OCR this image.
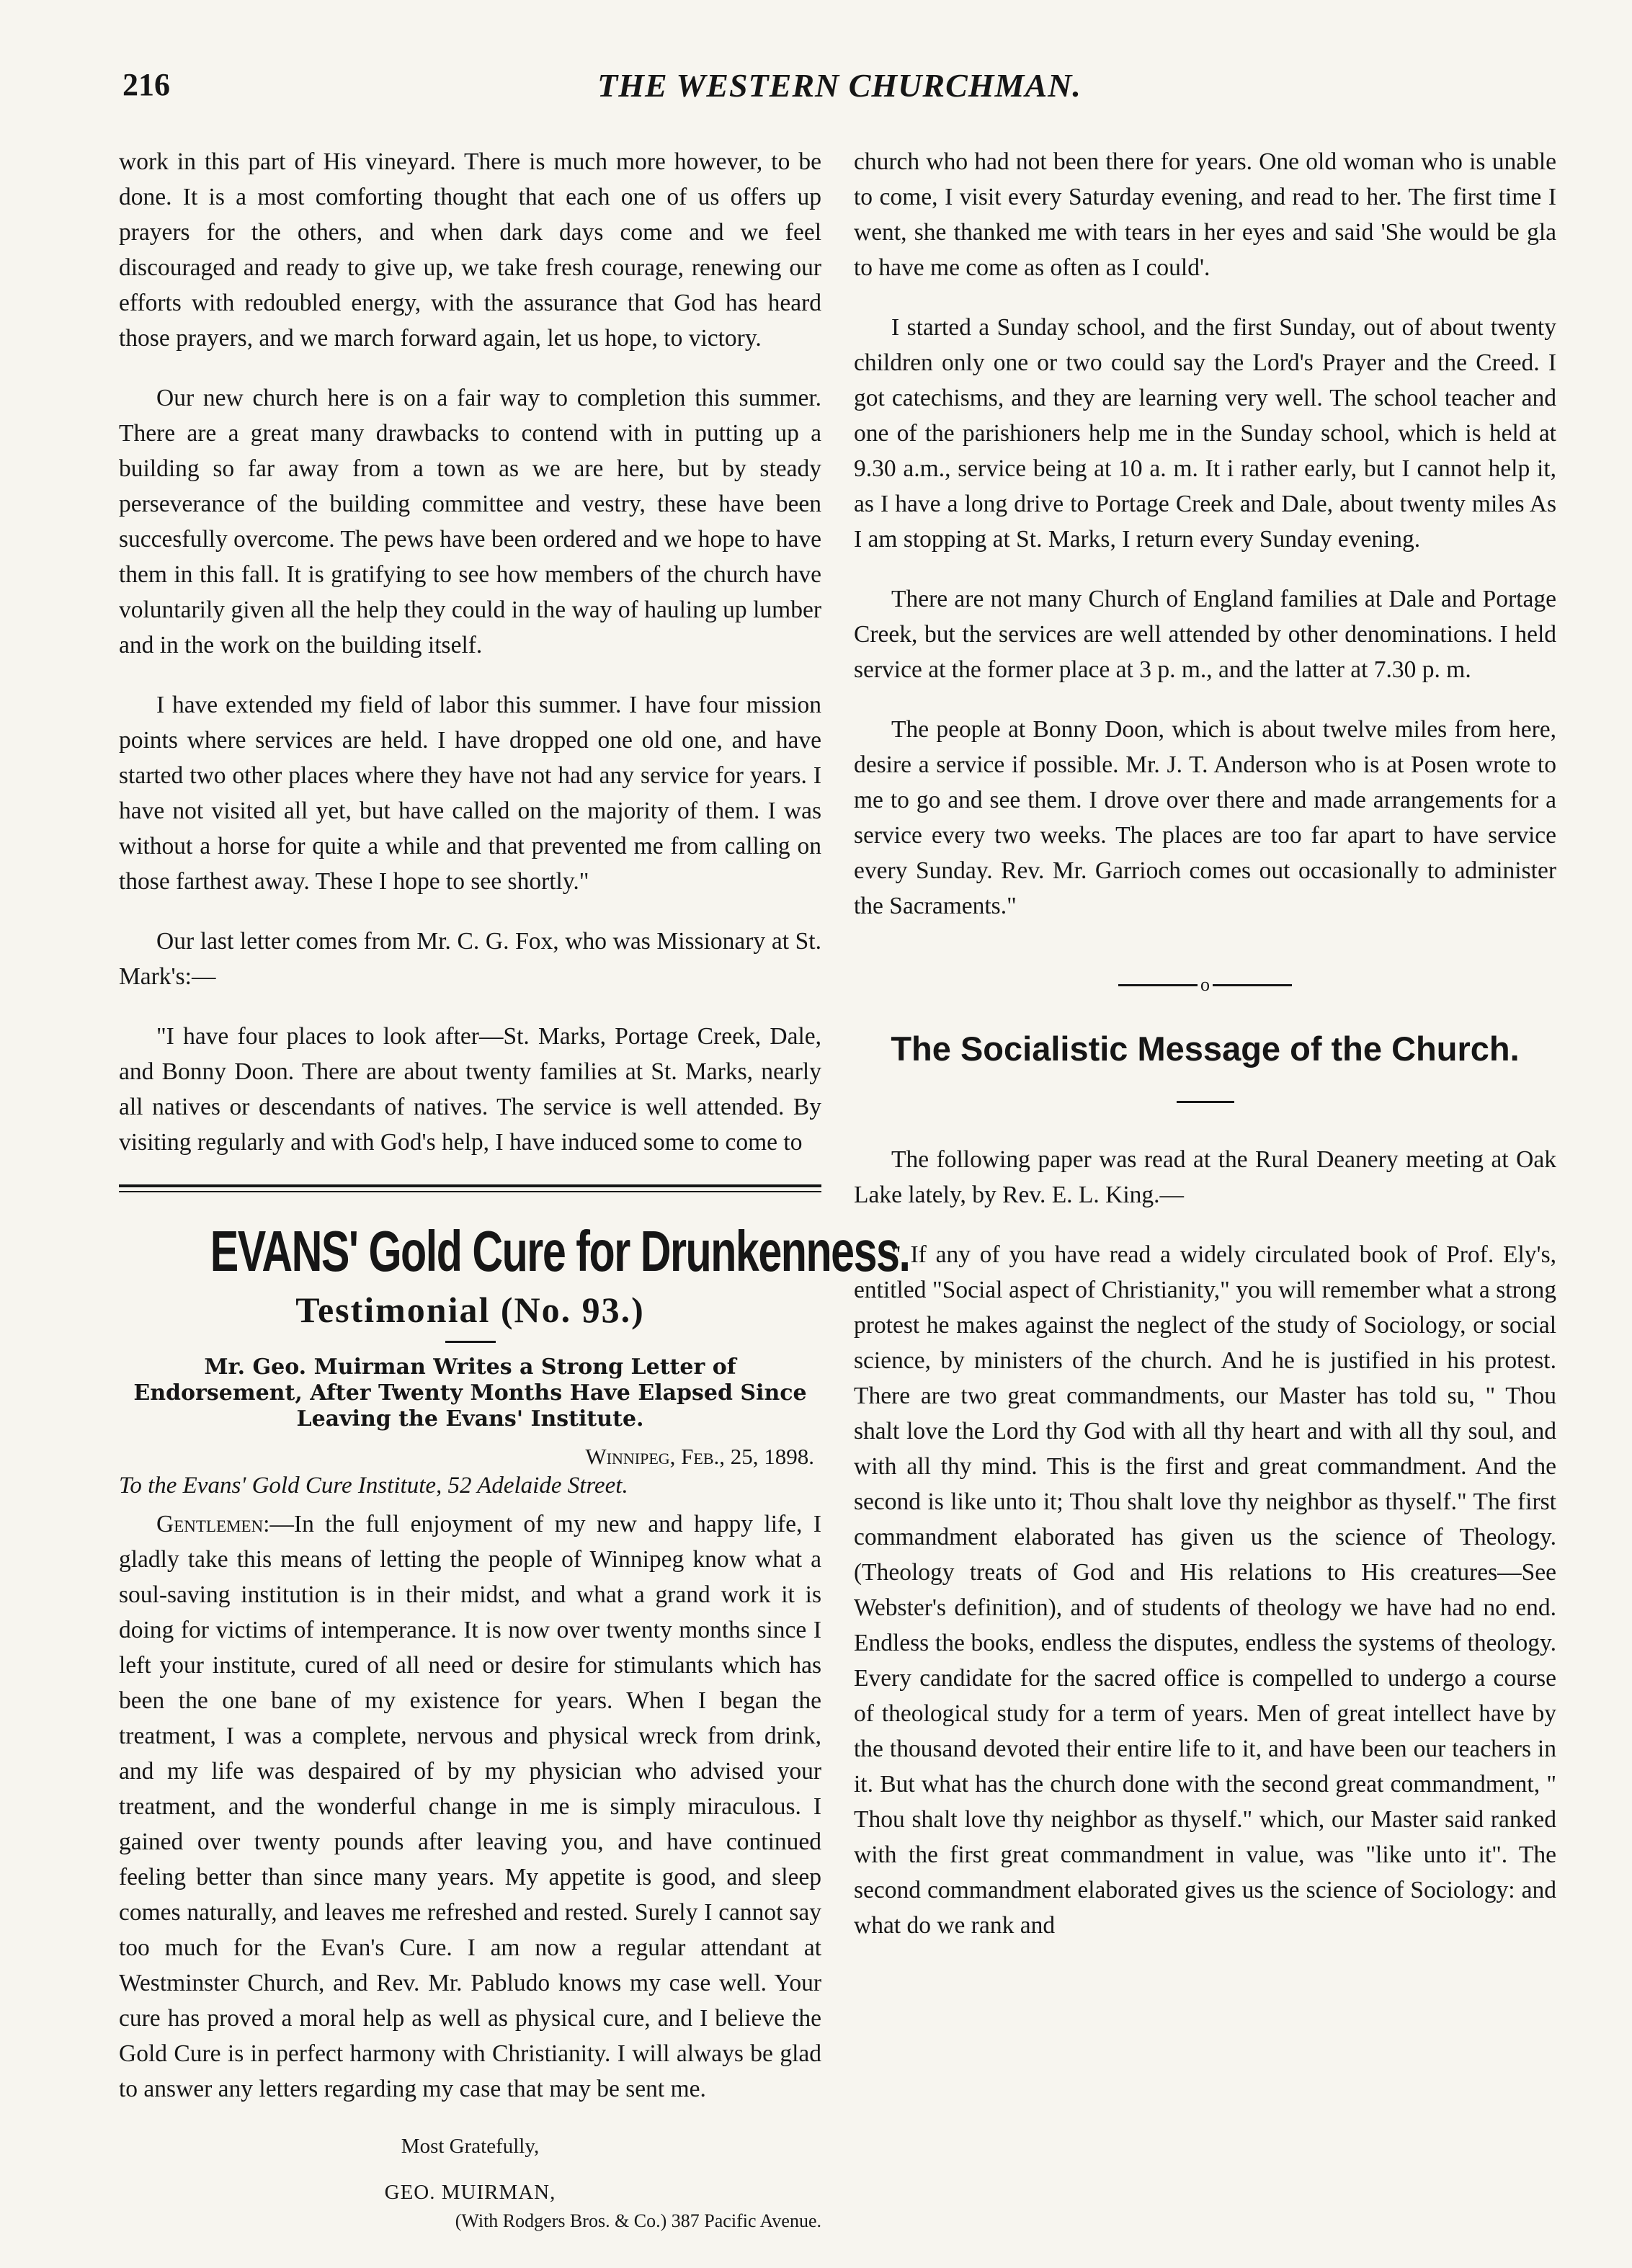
216	THE WESTERN CHURCHMAN.

work in this part of His vineyard. There is much more however, to be done. It is a most comforting thought that each one of us offers up prayers for the others, and when dark days come and we feel discouraged and ready to give up, we take fresh courage, renewing our efforts with redoubled energy, with the assurance that God has heard those prayers, and we march forward again, let us hope, to victory.

Our new church here is on a fair way to completion this summer. There are a great many drawbacks to contend with in putting up a building so far away from a town as we are here, but by steady perseverance of the building committee and vestry, these have been succesfully overcome. The pews have been ordered and we hope to have them in this fall. It is gratifying to see how members of the church have voluntarily given all the help they could in the way of hauling up lumber and in the work on the building itself.

I have extended my field of labor this summer. I have four mission points where services are held. I have dropped one old one, and have started two other places where they have not had any service for years. I have not visited all yet, but have called on the majority of them. I was without a horse for quite a while and that prevented me from calling on those farthest away. These I hope to see shortly."

Our last letter comes from Mr. C. G. Fox, who was Missionary at St. Mark's:—

"I have four places to look after—St. Marks, Portage Creek, Dale, and Bonny Doon. There are about twenty families at St. Marks, nearly all natives or descendants of natives. The service is well attended. By visiting regularly and with God's help, I have induced some to come to

EVANS' Gold Cure for Drunkenness.
Testimonial (No. 93.)
Mr. Geo. Muirman Writes a Strong Letter of Endorsement, After Twenty Months Have Elapsed Since Leaving the Evans' Institute.
Winnipeg, Feb., 25, 1898.
To the Evans' Gold Cure Institute, 52 Adelaide Street.

Gentlemen:—In the full enjoyment of my new and happy life, I gladly take this means of letting the people of Winnipeg know what a soul-saving institution is in their midst, and what a grand work it is doing for victims of intemperance. It is now over twenty months since I left your institute, cured of all need or desire for stimulants which has been the one bane of my existence for years. When I began the treatment, I was a complete, nervous and physical wreck from drink, and my life was despaired of by my physician who advised your treatment, and the wonderful change in me is simply miraculous. I gained over twenty pounds after leaving you, and have continued feeling better than since many years. My appetite is good, and sleep comes naturally, and leaves me refreshed and rested. Surely I cannot say too much for the Evan's Cure. I am now a regular attendant at Westminster Church, and Rev. Mr. Pabludo knows my case well. Your cure has proved a moral help as well as physical cure, and I believe the Gold Cure is in perfect harmony with Christianity. I will always be glad to answer any letters regarding my case that may be sent me.

Most Gratefully,
GEO. MUIRMAN,
(With Rodgers Bros. & Co.) 387 Pacific Avenue.

church who had not been there for years. One old woman who is unable to come, I visit every Saturday evening, and read to her. The first time I went, she thanked me with tears in her eyes and said 'She would be gla to have me come as often as I could'.

I started a Sunday school, and the first Sunday, out of about twenty children only one or two could say the Lord's Prayer and the Creed. I got catechisms, and they are learning very well. The school teacher and one of the parishioners help me in the Sunday school, which is held at 9.30 a.m., service being at 10 a. m. It i rather early, but I cannot help it, as I have a long drive to Portage Creek and Dale, about twenty miles As I am stopping at St. Marks, I return every Sunday evening.

There are not many Church of England families at Dale and Portage Creek, but the services are well attended by other denominations. I held service at the former place at 3 p. m., and the latter at 7.30 p. m.

The people at Bonny Doon, which is about twelve miles from here, desire a service if possible. Mr. J. T. Anderson who is at Posen wrote to me to go and see them. I drove over there and made arrangements for a service every two weeks. The places are too far apart to have service every Sunday. Rev. Mr. Garrioch comes out occasionally to administer the Sacraments."

o
The Socialistic Message of the Church.

The following paper was read at the Rural Deanery meeting at Oak Lake lately, by Rev. E. L. King.—

" If any of you have read a widely circulated book of Prof. Ely's, entitled "Social aspect of Christianity," you will remember what a strong protest he makes against the neglect of the study of Sociology, or social science, by ministers of the church. And he is justified in his protest. There are two great commandments, our Master has told su, " Thou shalt love the Lord thy God with all thy heart and with all thy soul, and with all thy mind. This is the first and great commandment. And the second is like unto it; Thou shalt love thy neighbor as thyself." The first commandment elaborated has given us the science of Theology. (Theology treats of God and His relations to His creatures—See Webster's definition), and of students of theology we have had no end. Endless the books, endless the disputes, endless the systems of theology. Every candidate for the sacred office is compelled to undergo a course of theological study for a term of years. Men of great intellect have by the thousand devoted their entire life to it, and have been our teachers in it. But what has the church done with the second great commandment, " Thou shalt love thy neighbor as thyself." which, our Master said ranked with the first great commandment in value, was "like unto it". The second commandment elaborated gives us the science of Sociology: and what do we rank and
